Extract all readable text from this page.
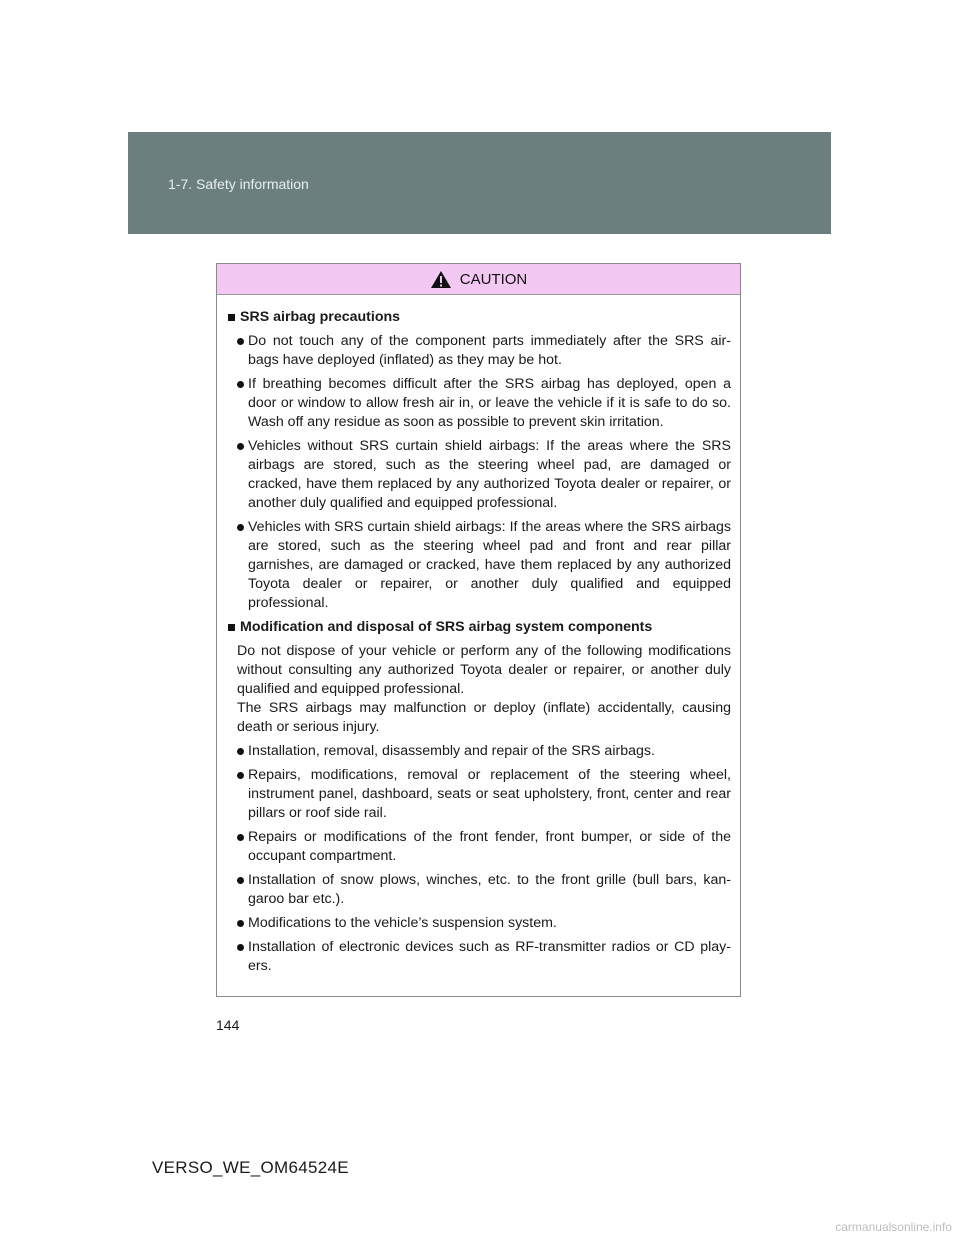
1-7. Safety information
CAUTION
SRS airbag precautions
Do not touch any of the component parts immediately after the SRS air- bags have deployed (inflated) as they may be hot.
If breathing becomes difficult after the SRS airbag has deployed, open a door or window to allow fresh air in, or leave the vehicle if it is safe to do so. Wash off any residue as soon as possible to prevent skin irritation.
Vehicles without SRS curtain shield airbags: If the areas where the SRS airbags are stored, such as the steering wheel pad, are damaged or cracked, have them replaced by any authorized Toyota dealer or repairer, or another duly qualified and equipped professional.
Vehicles with SRS curtain shield airbags: If the areas where the SRS airbags are stored, such as the steering wheel pad and front and rear pillar garnishes, are damaged or cracked, have them replaced by any authorized Toyota dealer or repairer, or another duly qualified and equipped professional.
Modification and disposal of SRS airbag system components
Do not dispose of your vehicle or perform any of the following modifications without consulting any authorized Toyota dealer or repairer, or another duly qualified and equipped professional.
The SRS airbags may malfunction or deploy (inflate) accidentally, causing death or serious injury.
Installation, removal, disassembly and repair of the SRS airbags.
Repairs, modifications, removal or replacement of the steering wheel, instrument panel, dashboard, seats or seat upholstery, front, center and rear pillars or roof side rail.
Repairs or modifications of the front fender, front bumper, or side of the occupant compartment.
Installation of snow plows, winches, etc. to the front grille (bull bars, kan- garoo bar etc.).
Modifications to the vehicle’s suspension system.
Installation of electronic devices such as RF-transmitter radios or CD play- ers.
144
VERSO_WE_OM64524E
carmanualsonline.info
